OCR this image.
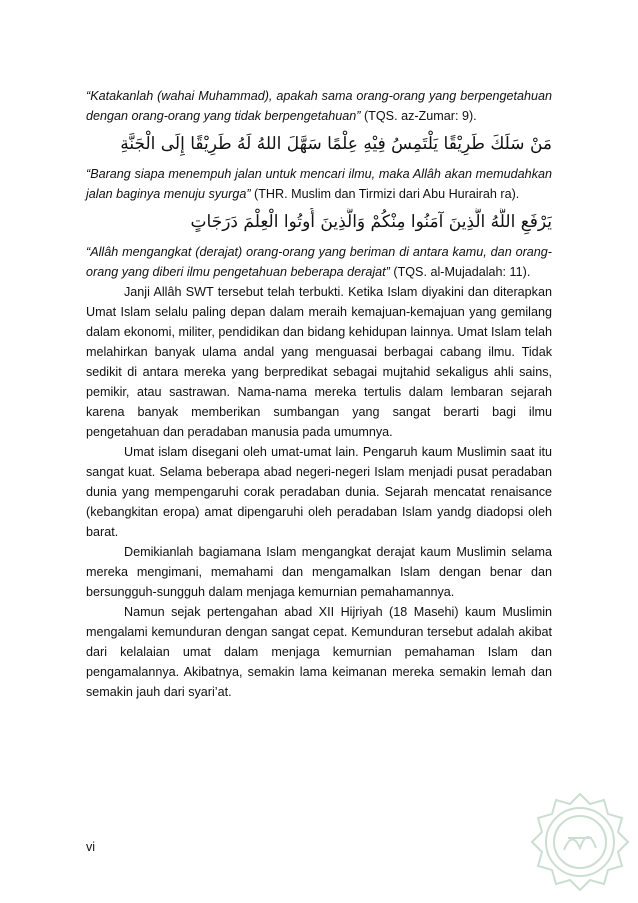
“Katakanlah (wahai Muhammad), apakah sama orang-orang yang berpengetahuan dengan orang-orang yang tidak berpengetahuan” (TQS. az-Zumar: 9).

مَنْ سَلَكَ طَرِيْقًا يَلْتَمِسُ فِيْهِ عِلْمًا سَهَّلَ اللهُ لَهُ طَرِيْقًا إِلَى الْجَنَّةِ

“Barang siapa menempuh jalan untuk mencari ilmu, maka Allâh akan memudahkan jalan baginya menuju syurga” (THR. Muslim dan Tirmizi dari Abu Hurairah ra).

يَرْفَعِ اللَّهُ الَّذِينَ آمَنُوا مِنْكُمْ وَالَّذِينَ أُوتُوا الْعِلْمَ دَرَجَاتٍ

“Allâh mengangkat (derajat) orang-orang yang beriman di antara kamu, dan orang-orang yang diberi ilmu pengetahuan beberapa derajat” (TQS. al-Mujadalah: 11).

Janji Allâh SWT tersebut telah terbukti. Ketika Islam diyakini dan diterapkan Umat Islam selalu paling depan dalam meraih kemajuan-kemajuan yang gemilang dalam ekonomi, militer, pendidikan dan bidang kehidupan lainnya. Umat Islam telah melahirkan banyak ulama andal yang menguasai berbagai cabang ilmu. Tidak sedikit di antara mereka yang berpredikat sebagai mujtahid sekaligus ahli sains, pemikir, atau sastrawan. Nama-nama mereka tertulis dalam lembaran sejarah karena banyak memberikan sumbangan yang sangat berarti bagi ilmu pengetahuan dan peradaban manusia pada umumnya.

Umat islam disegani oleh umat-umat lain. Pengaruh kaum Muslimin saat itu sangat kuat. Selama beberapa abad negeri-negeri Islam menjadi pusat peradaban dunia yang mempengaruhi corak peradaban dunia. Sejarah mencatat renaisance (kebangkitan eropa) amat dipengaruhi oleh peradaban Islam yandg diadopsi oleh barat.

Demikianlah bagiamana Islam mengangkat derajat kaum Muslimin selama mereka mengimani, memahami dan mengamalkan Islam dengan benar dan bersungguh-sungguh dalam menjaga kemurnian pemahamannya.

Namun sejak pertengahan abad XII Hijriyah (18 Masehi) kaum Muslimin mengalami kemunduran dengan sangat cepat. Kemunduran tersebut adalah akibat dari kelalaian umat dalam menjaga kemurnian pemahaman Islam dan pengamalannya. Akibatnya, semakin lama keimanan mereka semakin lemah dan semakin jauh dari syari’at.

vi
